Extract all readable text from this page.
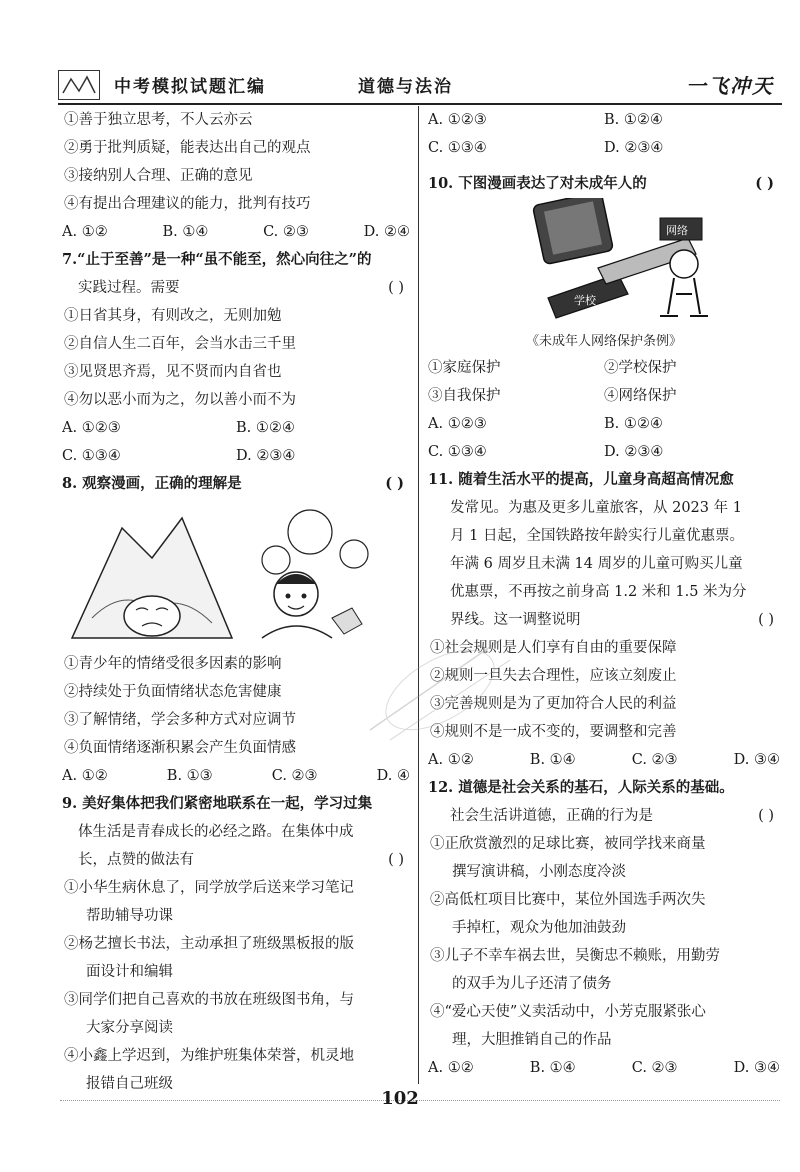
中考模拟试题汇编	道德与法治	一飞冲天
①善于独立思考，不人云亦云
②勇于批判质疑，能表达出自己的观点
③接纳别人合理、正确的意见
④有提出合理建议的能力，批判有技巧
A. ①②	B. ①④	C. ②③	D. ②④
7.“止于至善”是一种“虽不能至，然心向往之”的
实践过程。需要	( )
①日省其身，有则改之，无则加勉
②自信人生二百年，会当水击三千里
③见贤思齐焉，见不贤而内自省也
④勿以恶小而为之，勿以善小而不为
A. ①②③	B. ①②④
C. ①③④	D. ②③④
8. 观察漫画，正确的理解是	( )
①青少年的情绪受很多因素的影响
②持续处于负面情绪状态危害健康
③了解情绪，学会多种方式对应调节
④负面情绪逐渐积累会产生负面情感
A. ①②	B. ①③	C. ②③	D. ④
9. 美好集体把我们紧密地联系在一起，学习过集
体生活是青春成长的必经之路。在集体中成
长，点赞的做法有	( )
①小华生病休息了，同学放学后送来学习笔记
帮助辅导功课
②杨艺擅长书法，主动承担了班级黑板报的版
面设计和编辑
③同学们把自己喜欢的书放在班级图书角，与
大家分享阅读
④小鑫上学迟到，为维护班集体荣誉，机灵地
报错自己班级
A. ①②③	B. ①②④
C. ①③④	D. ②③④
10. 下图漫画表达了对未成年人的	( )
学校
网络
《未成年人网络保护条例》
①家庭保护	②学校保护
③自我保护	④网络保护
A. ①②③	B. ①②④
C. ①③④	D. ②③④
11. 随着生活水平的提高，儿童身高超高情况愈
发常见。为惠及更多儿童旅客，从 2023 年 1
月 1 日起，全国铁路按年龄实行儿童优惠票。
年满 6 周岁且未满 14 周岁的儿童可购买儿童
优惠票，不再按之前身高 1.2 米和 1.5 米为分
界线。这一调整说明	( )
①社会规则是人们享有自由的重要保障
②规则一旦失去合理性，应该立刻废止
③完善规则是为了更加符合人民的利益
④规则不是一成不变的，要调整和完善
A. ①②	B. ①④	C. ②③	D. ③④
12. 道德是社会关系的基石，人际关系的基础。
社会生活讲道德，正确的行为是	( )
①正欣赏激烈的足球比赛，被同学找来商量
撰写演讲稿，小刚态度冷淡
②高低杠项目比赛中，某位外国选手两次失
手掉杠，观众为他加油鼓劲
③儿子不幸车祸去世，吴衡忠不赖账，用勤劳
的双手为儿子还清了债务
④“爱心天使”义卖活动中，小芳克服紧张心
理，大胆推销自己的作品
A. ①②	B. ①④	C. ②③	D. ③④
102
